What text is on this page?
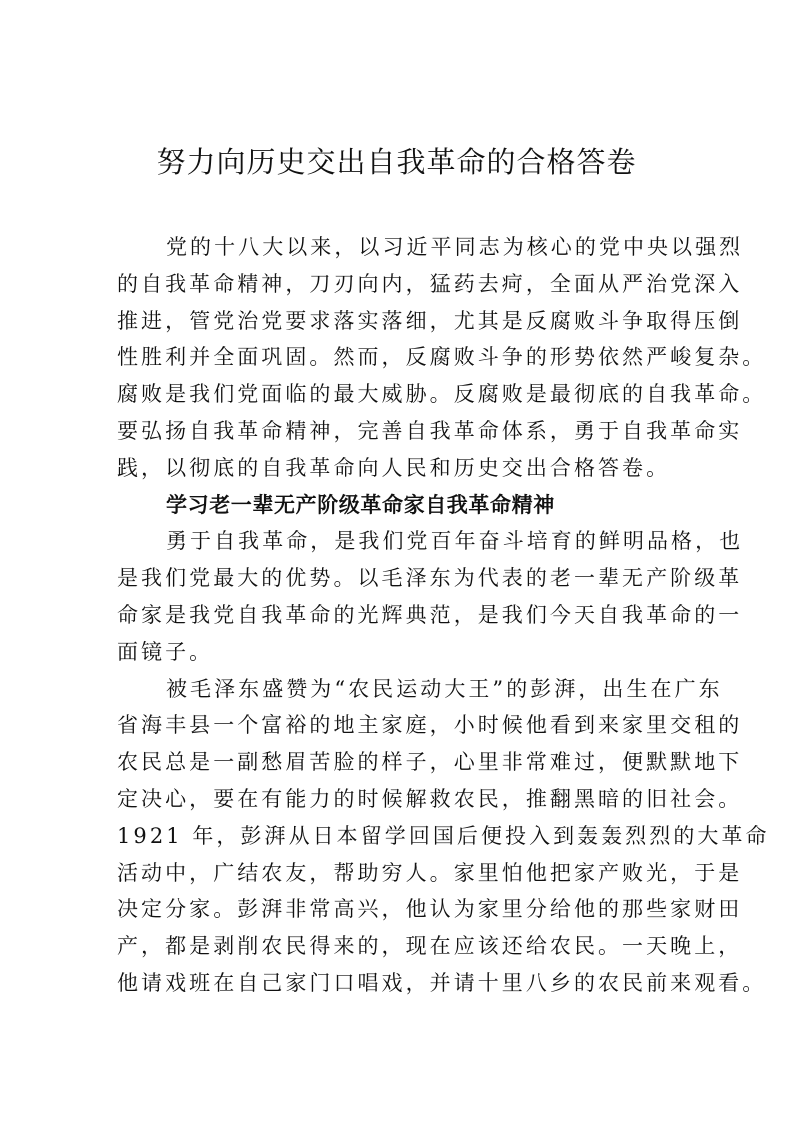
努力向历史交出自我革命的合格答卷
党的十八大以来，以习近平同志为核心的党中央以强烈
的自我革命精神，刀刃向内，猛药去疴，全面从严治党深入
推进，管党治党要求落实落细，尤其是反腐败斗争取得压倒
性胜利并全面巩固。然而，反腐败斗争的形势依然严峻复杂。
腐败是我们党面临的最大威胁。反腐败是最彻底的自我革命。
要弘扬自我革命精神，完善自我革命体系，勇于自我革命实
践，以彻底的自我革命向人民和历史交出合格答卷。
学习老一辈无产阶级革命家自我革命精神
勇于自我革命，是我们党百年奋斗培育的鲜明品格，也
是我们党最大的优势。以毛泽东为代表的老一辈无产阶级革
命家是我党自我革命的光辉典范，是我们今天自我革命的一
面镜子。
被毛泽东盛赞为“农民运动大王”的彭湃，出生在广东
省海丰县一个富裕的地主家庭，小时候他看到来家里交租的
农民总是一副愁眉苦脸的样子，心里非常难过，便默默地下
定决心，要在有能力的时候解救农民，推翻黑暗的旧社会。
1921 年，彭湃从日本留学回国后便投入到轰轰烈烈的大革命
活动中，广结农友，帮助穷人。家里怕他把家产败光，于是
决定分家。彭湃非常高兴，他认为家里分给他的那些家财田
产，都是剥削农民得来的，现在应该还给农民。一天晚上，
他请戏班在自己家门口唱戏，并请十里八乡的农民前来观看。
